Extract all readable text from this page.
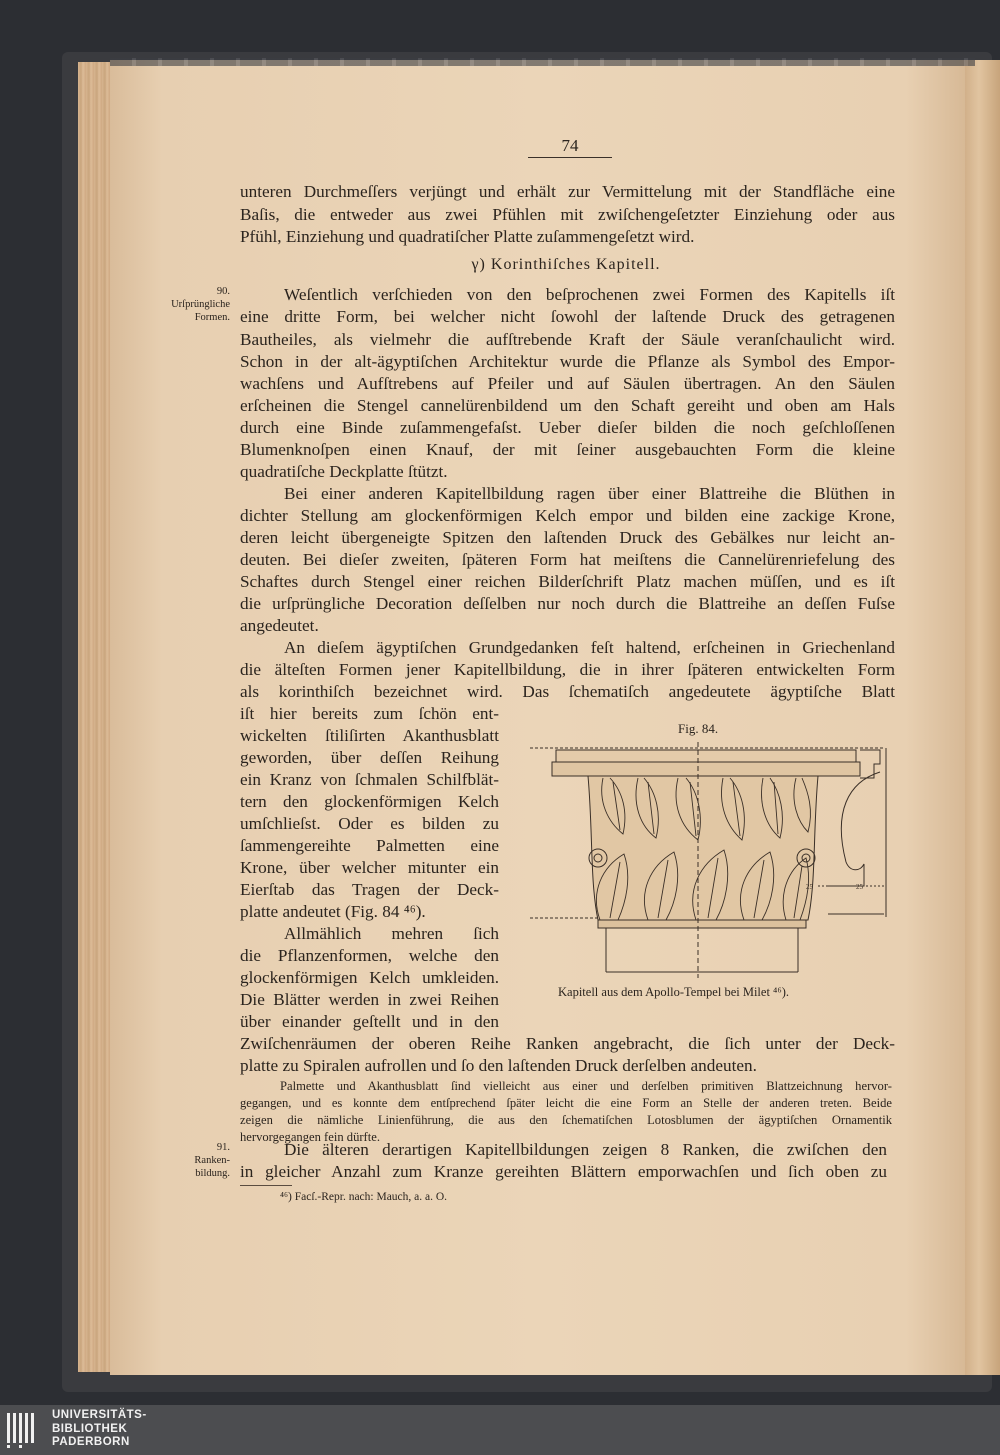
74
unteren Durchmeſſers verjüngt und erhält zur Vermittelung mit der Standfläche eine
Baſis, die entweder aus zwei Pfühlen mit zwiſchengeſetzter Einziehung oder aus
Pfühl, Einziehung und quadratiſcher Platte zuſammengeſetzt wird.
γ) Korinthiſches Kapitell.
90.
Urſprüngliche
Formen.
Weſentlich verſchieden von den beſprochenen zwei Formen des Kapitells iſt
eine dritte Form, bei welcher nicht ſowohl der laſtende Druck des getragenen
Bautheiles, als vielmehr die aufſtrebende Kraft der Säule veranſchaulicht wird.
Schon in der alt-ägyptiſchen Architektur wurde die Pflanze als Symbol des Empor-
wachſens und Aufſtrebens auf Pfeiler und auf Säulen übertragen. An den Säulen
erſcheinen die Stengel cannelürenbildend um den Schaft gereiht und oben am Hals
durch eine Binde zuſammengefaſst. Ueber dieſer bilden die noch geſchloſſenen
Blumenknoſpen einen Knauf, der mit ſeiner ausgebauchten Form die kleine
quadratiſche Deckplatte ſtützt.
Bei einer anderen Kapitellbildung ragen über einer Blattreihe die Blüthen in
dichter Stellung am glockenförmigen Kelch empor und bilden eine zackige Krone,
deren leicht übergeneigte Spitzen den laſtenden Druck des Gebälkes nur leicht an-
deuten. Bei dieſer zweiten, ſpäteren Form hat meiſtens die Cannelürenriefelung des
Schaftes durch Stengel einer reichen Bilderſchrift Platz machen müſſen, und es iſt
die urſprüngliche Decoration deſſelben nur noch durch die Blattreihe an deſſen Fuſse
angedeutet.
An dieſem ägyptiſchen Grundgedanken feſt haltend, erſcheinen in Griechenland
die älteſten Formen jener Kapitellbildung, die in ihrer ſpäteren entwickelten Form
als korinthiſch bezeichnet wird. Das ſchematiſch angedeutete ägyptiſche Blatt
iſt hier bereits zum ſchön ent-
wickelten ſtiliſirten Akanthusblatt
geworden, über deſſen Reihung
ein Kranz von ſchmalen Schilfblät-
tern den glockenförmigen Kelch
umſchlieſst. Oder es bilden zu
ſammengereihte Palmetten eine
Krone, über welcher mitunter ein
Eierſtab das Tragen der Deck-
platte andeutet (Fig. 84 ⁴⁶).
Allmählich mehren ſich
die Pflanzenformen, welche den
glockenförmigen Kelch umkleiden.
Die Blätter werden in zwei Reihen
über einander geſtellt und in den
Zwiſchenräumen der oberen Reihe Ranken angebracht, die ſich unter der Deck-
platte zu Spiralen aufrollen und ſo den laſtenden Druck derſelben andeuten.
Palmette und Akanthusblatt ſind vielleicht aus einer und derſelben primitiven Blattzeichnung hervor-
gegangen, und es konnte dem entſprechend ſpäter leicht die eine Form an Stelle der anderen treten. Beide
zeigen die nämliche Linienführung, die aus den ſchematiſchen Lotosblumen der ägyptiſchen Ornamentik
hervorgegangen fein dürfte.
91.
Ranken-
bildung.
Die älteren derartigen Kapitellbildungen zeigen 8 Ranken, die zwiſchen den
in gleicher Anzahl zum Kranze gereihten Blättern emporwachſen und ſich oben zu
⁴⁶) Facſ.-Repr. nach: Mauch, a. a. O.
Fig. 84.
25	25
Kapitell aus dem Apollo-Tempel bei Milet ⁴⁶).
UNIVERSITÄTS-
BIBLIOTHEK
PADERBORN
